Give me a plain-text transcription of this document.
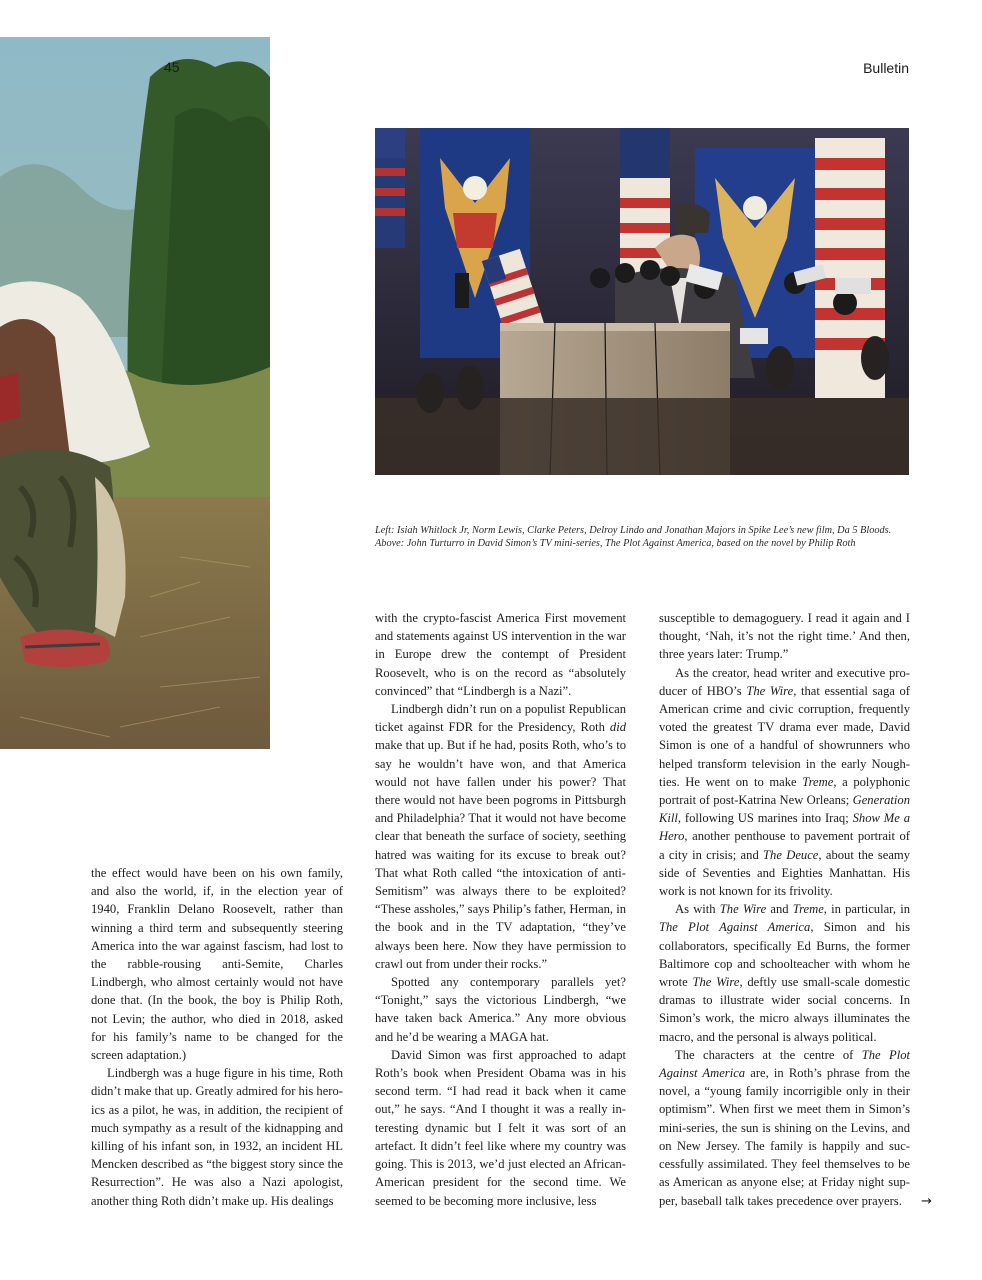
45	Bulletin
Left: Isiah Whitlock Jr, Norm Lewis, Clarke Peters, Delroy Lindo and Jonathan Majors in Spike Lee’s new film, Da 5 Bloods.
Above: John Turturro in David Simon’s TV mini-series, The Plot Against America, based on the novel by Philip Roth

the effect would have been on his own family, and also the world, if, in the election year of 1940, Franklin Delano Roosevelt, rather than winning a third term and subsequently steering America into the war against fascism, had lost to the rabble-rousing anti-Semite, Charles Lindbergh, who almost certainly would not have done that. (In the book, the boy is Philip Roth, not Levin; the author, who died in 2018, asked for his family’s name to be changed for the screen adaptation.)

Lindbergh was a huge figure in his time, Roth didn’t make that up. Greatly admired for his heroics as a pilot, he was, in addition, the recipient of much sympathy as a result of the kidnapping and killing of his infant son, in 1932, an incident HL Mencken described as “the biggest story since the Resurrection”. He was also a Nazi apologist, another thing Roth didn’t make up. His dealings

with the crypto-fascist America First movement and statements against US intervention in the war in Europe drew the contempt of President Roosevelt, who is on the record as “absolutely convinced” that “Lindbergh is a Nazi”.

Lindbergh didn’t run on a populist Republican ticket against FDR for the Presidency, Roth did make that up. But if he had, posits Roth, who’s to say he wouldn’t have won, and that America would not have fallen under his power? That there would not have been pogroms in Pittsburgh and Philadelphia? That it would not have become clear that beneath the surface of society, seething hatred was waiting for its excuse to break out? That what Roth called “the intoxication of anti-Semitism” was always there to be exploited? “These assholes,” says Philip’s father, Herman, in the book and in the TV adaptation, “they’ve always been here. Now they have permission to crawl out from under their rocks.”

Spotted any contemporary parallels yet? “Tonight,” says the victorious Lindbergh, “we have taken back America.” Any more obvious and he’d be wearing a MAGA hat.

David Simon was first approached to adapt Roth’s book when President Obama was in his second term. “I had read it back when it came out,” he says. “And I thought it was a really interesting dynamic but I felt it was sort of an artefact. It didn’t feel like where my country was going. This is 2013, we’d just elected an African-American president for the second time. We seemed to be becoming more inclusive, less

susceptible to demagoguery. I read it again and I thought, ‘Nah, it’s not the right time.’ And then, three years later: Trump.”

As the creator, head writer and executive producer of HBO’s The Wire, that essential saga of American crime and civic corruption, frequently voted the greatest TV drama ever made, David Simon is one of a handful of showrunners who helped transform television in the early Noughties. He went on to make Treme, a polyphonic portrait of post-Katrina New Orleans; Generation Kill, following US marines into Iraq; Show Me a Hero, another penthouse to pavement portrait of a city in crisis; and The Deuce, about the seamy side of Seventies and Eighties Manhattan. His work is not known for its frivolity.

As with The Wire and Treme, in particular, in The Plot Against America, Simon and his collaborators, specifically Ed Burns, the former Baltimore cop and schoolteacher with whom he wrote The Wire, deftly use small-scale domestic dramas to illustrate wider social concerns. In Simon’s work, the micro always illuminates the macro, and the personal is always political.

The characters at the centre of The Plot Against America are, in Roth’s phrase from the novel, a “young family incorrigible only in their optimism”. When first we meet them in Simon’s mini-series, the sun is shining on the Levins, and on New Jersey. The family is happily and successfully assimilated. They feel themselves to be as American as anyone else; at Friday night supper, baseball talk takes precedence over prayers.	→
